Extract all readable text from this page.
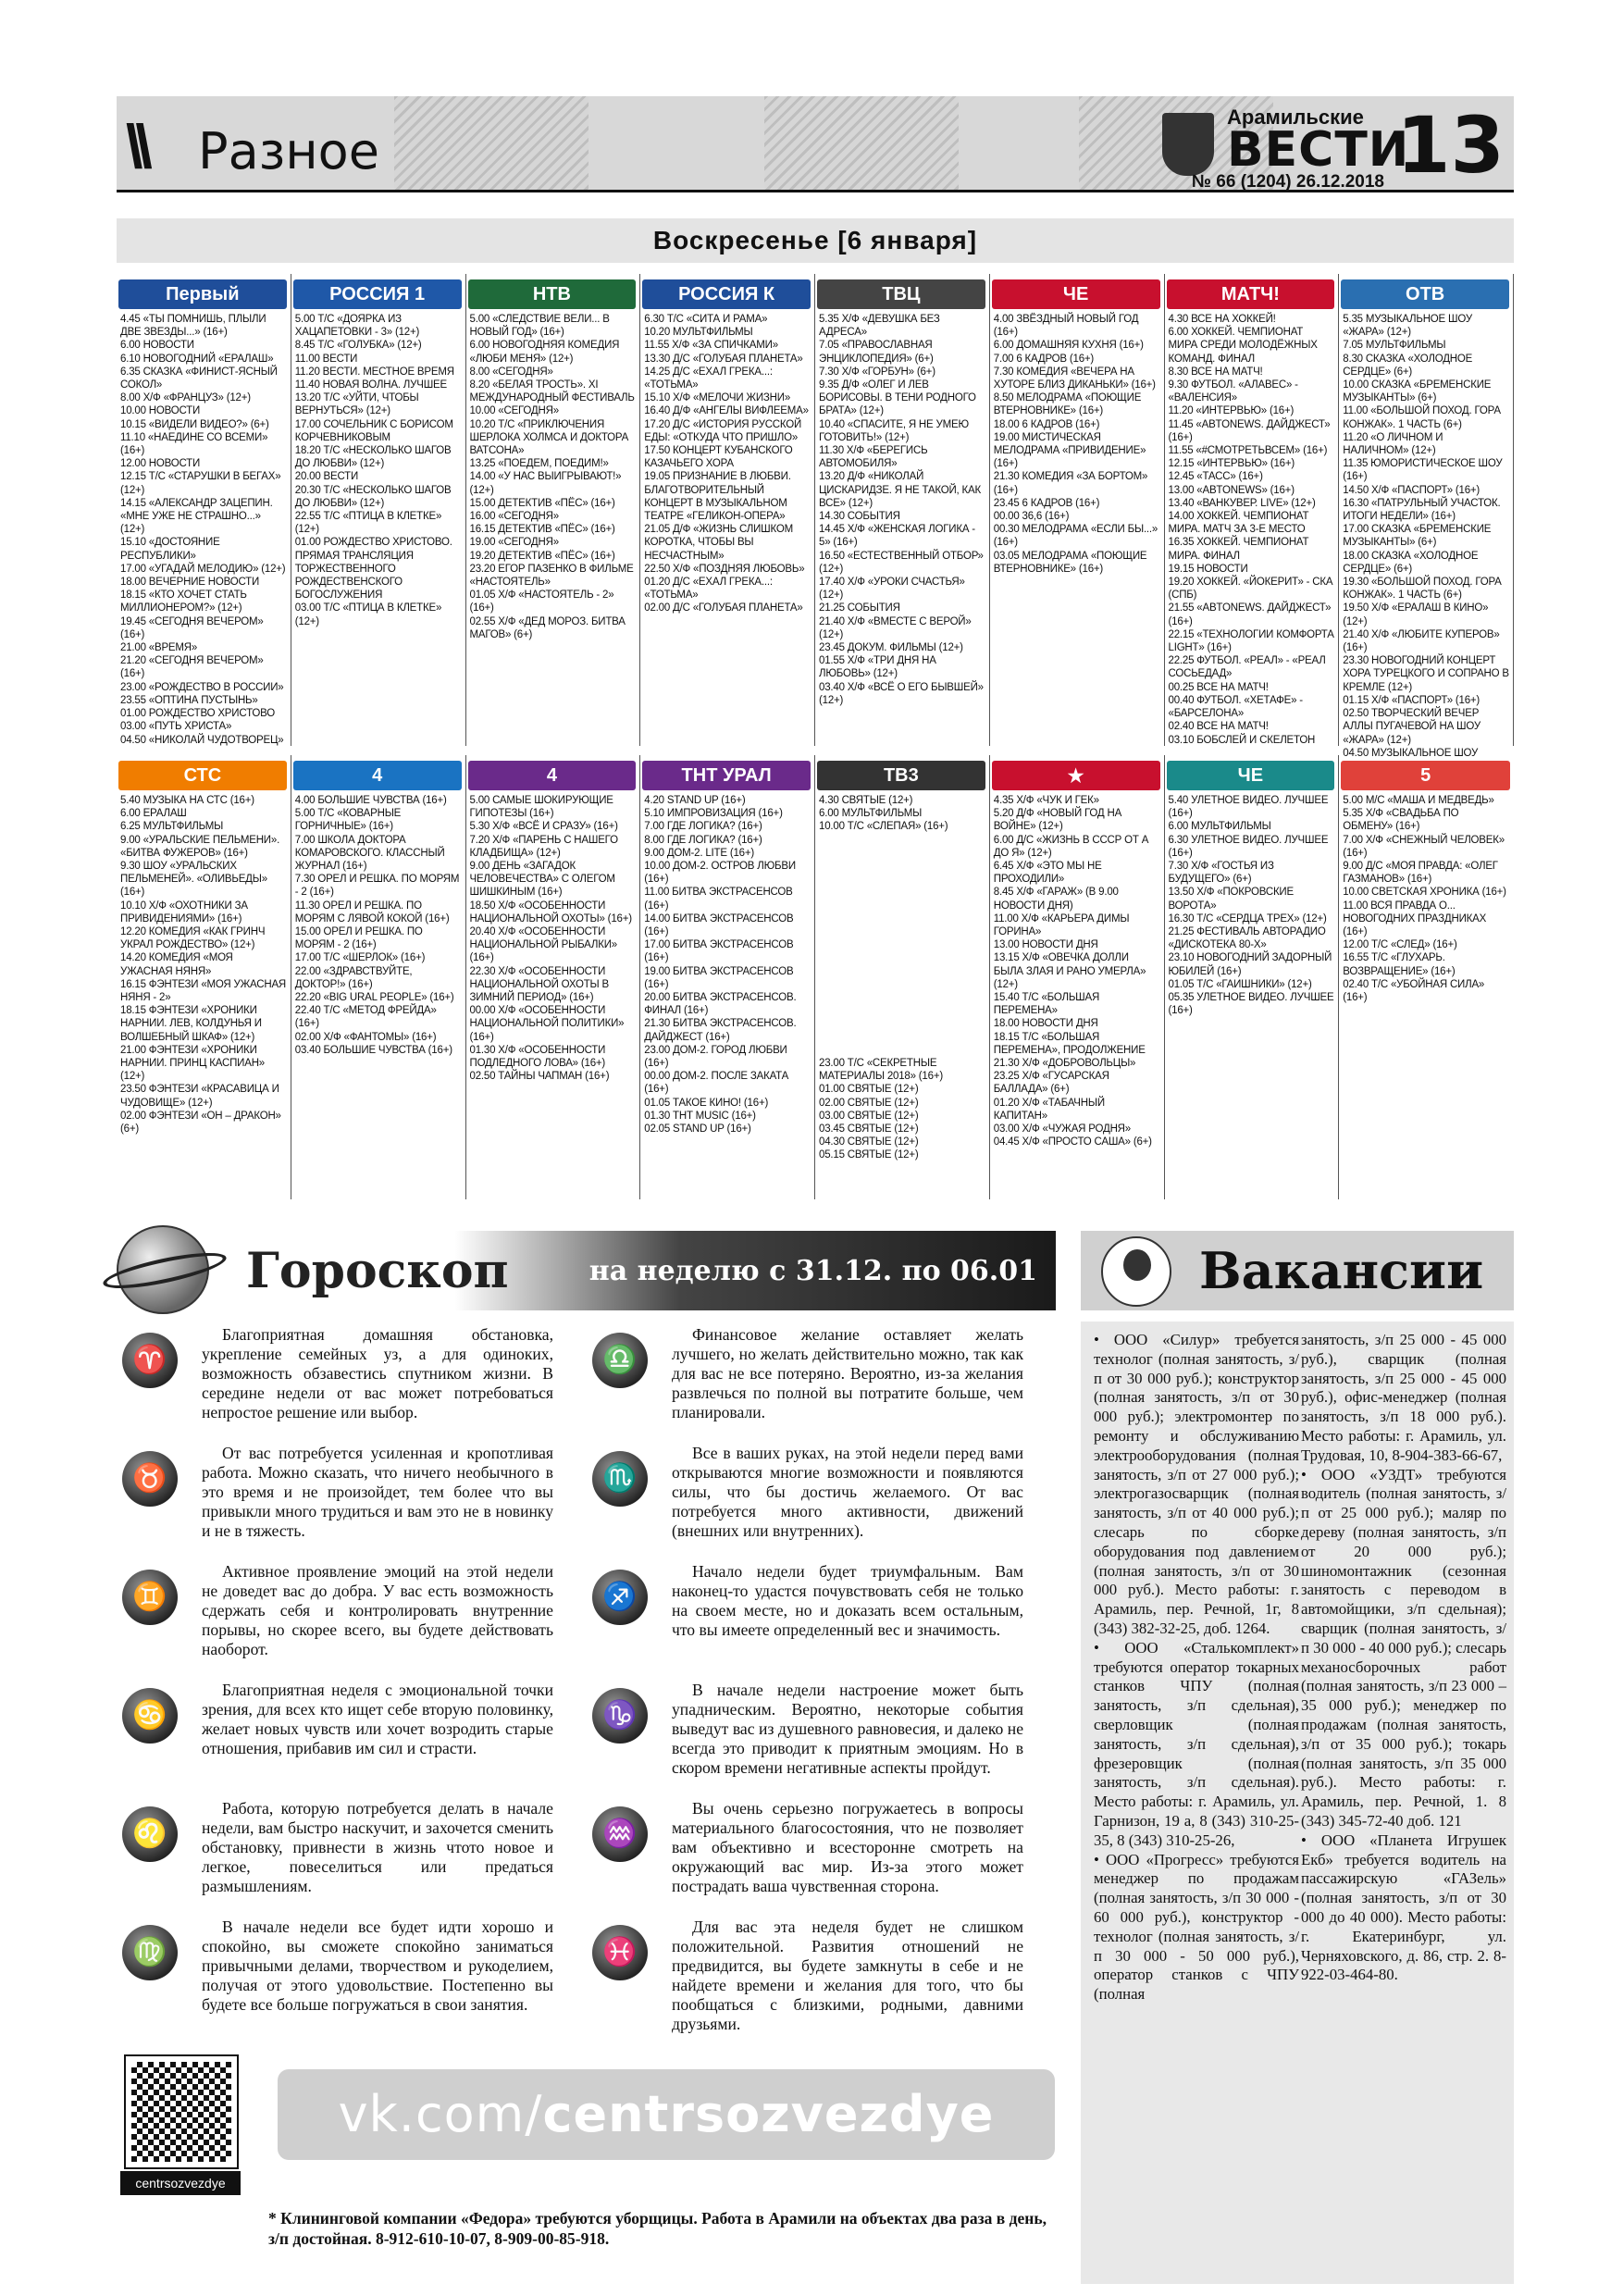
\\ Разное
Арамильские
ВЕСТИ
№ 66 (1204) 26.12.2018 13
Воскресенье [6 января]
Первый
4.45 «ТЫ ПОМНИШЬ, ПЛЫЛИ ДВЕ ЗВЕЗДЫ...» (16+)
6.00 НОВОСТИ
6.10 НОВОГОДНИЙ «ЕРАЛАШ»
6.35 СКАЗКА «ФИНИСТ-ЯСНЫЙ СОКОЛ»
8.00 Х/Ф «ФРАНЦУЗ» (12+)
10.00 НОВОСТИ
10.15 «ВИДЕЛИ ВИДЕО?» (6+)
11.10 «НАЕДИНЕ СО ВСЕМИ» (16+)
12.00 НОВОСТИ
12.15 Т/С «СТАРУШКИ В БЕГАХ» (12+)
14.15 «АЛЕКСАНДР ЗАЦЕПИН. «МНЕ УЖЕ НЕ СТРАШНО...» (12+)
15.10 «ДОСТОЯНИЕ РЕСПУБЛИКИ»
17.00 «УГАДАЙ МЕЛОДИЮ» (12+)
18.00 ВЕЧЕРНИЕ НОВОСТИ
18.15 «КТО ХОЧЕТ СТАТЬ МИЛЛИОНЕРОМ?» (12+)
19.45 «СЕГОДНЯ ВЕЧЕРОМ» (16+)
21.00 «ВРЕМЯ»
21.20 «СЕГОДНЯ ВЕЧЕРОМ» (16+)
23.00 «РОЖДЕСТВО В РОССИИ»
23.55 «ОПТИНА ПУСТЫНЬ»
01.00 РОЖДЕСТВО ХРИСТОВО
03.00 «ПУТЬ ХРИСТА»
04.50 «НИКОЛАЙ ЧУДОТВОРЕЦ»
РОССИЯ 1
5.00 Т/С «ДОЯРКА ИЗ ХАЦАПЕТОВКИ - 3» (12+)
8.45 Т/С «ГОЛУБКА» (12+)
11.00 ВЕСТИ
11.20 ВЕСТИ. МЕСТНОЕ ВРЕМЯ
11.40 НОВАЯ ВОЛНА. ЛУЧШЕЕ
13.20 Т/С «УЙТИ, ЧТОБЫ ВЕРНУТЬСЯ» (12+)
17.00 СОЧЕЛЬНИК С БОРИСОМ КОРЧЕВНИКОВЫМ
18.20 Т/С «НЕСКОЛЬКО ШАГОВ ДО ЛЮБВИ» (12+)
20.00 ВЕСТИ
20.30 Т/С «НЕСКОЛЬКО ШАГОВ ДО ЛЮБВИ» (12+)
22.55 Т/С «ПТИЦА В КЛЕТКЕ» (12+)
01.00 РОЖДЕСТВО ХРИСТОВО. ПРЯМАЯ ТРАНСЛЯЦИЯ ТОРЖЕСТВЕННОГО РОЖДЕСТВЕНСКОГО БОГОСЛУЖЕНИЯ
03.00 Т/С «ПТИЦА В КЛЕТКЕ» (12+)
НТВ
5.00 «СЛЕДСТВИЕ ВЕЛИ... В НОВЫЙ ГОД» (16+)
6.00 НОВОГОДНЯЯ КОМЕДИЯ «ЛЮБИ МЕНЯ» (12+)
8.00 «СЕГОДНЯ»
8.20 «БЕЛАЯ ТРОСТЬ». XI МЕЖДУНАРОДНЫЙ ФЕСТИВАЛЬ
10.00 «СЕГОДНЯ»
10.20 Т/С «ПРИКЛЮЧЕНИЯ ШЕРЛОКА ХОЛМСА И ДОКТОРА ВАТСОНА»
13.25 «ПОЕДЕМ, ПОЕДИМ!»
14.00 «У НАС ВЫИГРЫВАЮТ!» (12+)
15.00 ДЕТЕКТИВ «ПЁС» (16+)
16.00 «СЕГОДНЯ»
16.15 ДЕТЕКТИВ «ПЁС» (16+)
19.00 «СЕГОДНЯ»
19.20 ДЕТЕКТИВ «ПЁС» (16+)
23.20 ЕГОР ПАЗЕНКО В ФИЛЬМЕ «НАСТОЯТЕЛЬ»
01.05 Х/Ф «НАСТОЯТЕЛЬ - 2» (16+)
02.55 Х/Ф «ДЕД МОРОЗ. БИТВА МАГОВ» (6+)
РОССИЯ К
6.30 Т/С «СИТА И РАМА»
10.20 МУЛЬТФИЛЬМЫ
11.55 Х/Ф «ЗА СПИЧКАМИ»
13.30 Д/С «ГОЛУБАЯ ПЛАНЕТА»
14.25 Д/С «ЕХАЛ ГРЕКА...: «ТОТЬМА»
15.10 Х/Ф «МЕЛОЧИ ЖИЗНИ»
16.40 Д/Ф «АНГЕЛЫ ВИФЛЕЕМА»
17.20 Д/С «ИСТОРИЯ РУССКОЙ ЕДЫ: «ОТКУДА ЧТО ПРИШЛО»
17.50 КОНЦЕРТ КУБАНСКОГО КАЗАЧЬЕГО ХОРА
19.05 ПРИЗНАНИЕ В ЛЮБВИ. БЛАГОТВОРИТЕЛЬНЫЙ КОНЦЕРТ В МУЗЫКАЛЬНОМ ТЕАТРЕ «ГЕЛИКОН-ОПЕРА»
21.05 Д/Ф «ЖИЗНЬ СЛИШКОМ КОРОТКА, ЧТОБЫ ВЫ НЕСЧАСТНЫМ»
22.50 Х/Ф «ПОЗДНЯЯ ЛЮБОВЬ»
01.20 Д/С «ЕХАЛ ГРЕКА...: «ТОТЬМА»
02.00 Д/С «ГОЛУБАЯ ПЛАНЕТА»
ТВЦ
5.35 Х/Ф «ДЕВУШКА БЕЗ АДРЕСА»
7.05 «ПРАВОСЛАВНАЯ ЭНЦИКЛОПЕДИЯ» (6+)
7.30 Х/Ф «ГОРБУН» (6+)
9.35 Д/Ф «ОЛЕГ И ЛЕВ БОРИСОВЫ. В ТЕНИ РОДНОГО БРАТА» (12+)
10.40 «СПАСИТЕ, Я НЕ УМЕЮ ГОТОВИТЬ!» (12+)
11.30 Х/Ф «БЕРЕГИСЬ АВТОМОБИЛЯ»
13.20 Д/Ф «НИКОЛАЙ ЦИСКАРИДЗЕ. Я НЕ ТАКОЙ, КАК ВСЕ» (12+)
14.30 СОБЫТИЯ
14.45 Х/Ф «ЖЕНСКАЯ ЛОГИКА - 5» (16+)
16.50 «ЕСТЕСТВЕННЫЙ ОТБОР» (12+)
17.40 Х/Ф «УРОКИ СЧАСТЬЯ» (12+)
21.25 СОБЫТИЯ
21.40 Х/Ф «ВМЕСТЕ С ВЕРОЙ» (12+)
23.45 ДОКУМ. ФИЛЬМЫ (12+)
01.55 Х/Ф «ТРИ ДНЯ НА ЛЮБОВЬ» (12+)
03.40 Х/Ф «ВСЁ О ЕГО БЫВШЕЙ» (12+)
ЧЕ
4.00 ЗВЁЗДНЫЙ НОВЫЙ ГОД (16+)
6.00 ДОМАШНЯЯ КУХНЯ (16+)
7.00 6 КАДРОВ (16+)
7.30 КОМЕДИЯ «ВЕЧЕРА НА ХУТОРЕ БЛИЗ ДИКАНЬКИ» (16+)
8.50 МЕЛОДРАМА «ПОЮЩИЕ ВТЕРНОВНИКЕ» (16+)
18.00 6 КАДРОВ (16+)
19.00 МИСТИЧЕСКАЯ МЕЛОДРАМА «ПРИВИДЕНИЕ» (16+)
21.30 КОМЕДИЯ «ЗА БОРТОМ» (16+)
23.45 6 КАДРОВ (16+)
00.00 36,6 (16+)
00.30 МЕЛОДРАМА «ЕСЛИ БЫ...» (16+)
03.05 МЕЛОДРАМА «ПОЮЩИЕ ВТЕРНОВНИКЕ» (16+)
МАТЧ!
4.30 ВСЕ НА ХОККЕЙ!
6.00 ХОККЕЙ. ЧЕМПИОНАТ МИРА СРЕДИ МОЛОДЁЖНЫХ КОМАНД. ФИНАЛ
8.30 ВСЕ НА МАТЧ!
9.30 ФУТБОЛ. «АЛАВЕС» - «ВАЛЕНСИЯ»
11.20 «ИНТЕРВЬЮ» (16+)
11.45 «ABTONEWS. ДАЙДЖЕСТ» (16+)
11.55 «#СМОТРЕТЬВСЕМ» (16+)
12.15 «ИНТЕРВЬЮ» (16+)
12.45 «ТАСС» (16+)
13.00 «ABTONEWS» (16+)
13.40 «ВАНКУВЕР. LIVE» (12+)
14.00 ХОККЕЙ. ЧЕМПИОНАТ МИРА. МАТЧ ЗА 3-Е МЕСТО
16.35 ХОККЕЙ. ЧЕМПИОНАТ МИРА. ФИНАЛ
19.15 НОВОСТИ
19.20 ХОККЕЙ. «ЙОКЕРИТ» - СКА (СПБ)
21.55 «ABTONEWS. ДАЙДЖЕСТ» (16+)
22.15 «ТЕХНОЛОГИИ КОМФОРТА LIGHT» (16+)
22.25 ФУТБОЛ. «РЕАЛ» - «РЕАЛ СОСЬЕДАД»
00.25 ВСЕ НА МАТЧ!
00.40 ФУТБОЛ. «ХЕТАФЕ» - «БАРСЕЛОНА»
02.40 ВСЕ НА МАТЧ!
03.10 БОБСЛЕЙ И СКЕЛЕТОН
ОТВ
5.35 МУЗЫКАЛЬНОЕ ШОУ «ЖАРА» (12+)
7.05 МУЛЬТФИЛЬМЫ
8.30 СКАЗКА «ХОЛОДНОЕ СЕРДЦЕ» (6+)
10.00 СКАЗКА «БРЕМЕНСКИЕ МУЗЫКАНТЫ» (6+)
11.00 «БОЛЬШОЙ ПОХОД. ГОРА КОНЖАК». 1 ЧАСТЬ (6+)
11.20 «О ЛИЧНОМ И НАЛИЧНОМ» (12+)
11.35 ЮМОРИСТИЧЕСКОЕ ШОУ (16+)
14.50 Х/Ф «ПАСПОРТ» (16+)
16.30 «ПАТРУЛЬНЫЙ УЧАСТОК. ИТОГИ НЕДЕЛИ» (16+)
17.00 СКАЗКА «БРЕМЕНСКИЕ МУЗЫКАНТЫ» (6+)
18.00 СКАЗКА «ХОЛОДНОЕ СЕРДЦЕ» (6+)
19.30 «БОЛЬШОЙ ПОХОД. ГОРА КОНЖАК». 1 ЧАСТЬ (6+)
19.50 Х/Ф «ЕРАЛАШ В КИНО» (12+)
21.40 Х/Ф «ЛЮБИТЕ КУПЕРОВ» (16+)
23.30 НОВОГОДНИЙ КОНЦЕРТ ХОРА ТУРЕЦКОГО И СОПРАНО В КРЕМЛЕ (12+)
01.15 Х/Ф «ПАСПОРТ» (16+)
02.50 ТВОРЧЕСКИЙ ВЕЧЕР АЛЛЫ ПУГАЧЕВОЙ НА ШОУ «ЖАРА» (12+)
04.50 МУЗЫКАЛЬНОЕ ШОУ
СТС
5.40 МУЗЫКА НА СТС (16+)
6.00 ЕРАЛАШ
6.25 МУЛЬТФИЛЬМЫ
9.00 «УРАЛЬСКИЕ ПЕЛЬМЕНИ». «БИТВА ФУЖЕРОВ» (16+)
9.30 ШОУ «УРАЛЬСКИХ ПЕЛЬМЕНЕЙ». «ОЛИВЬЕДЫ» (16+)
10.10 Х/Ф «ОХОТНИКИ ЗА ПРИВИДЕНИЯМИ» (16+)
12.20 КОМЕДИЯ «КАК ГРИНЧ УКРАЛ РОЖДЕСТВО» (12+)
14.20 КОМЕДИЯ «МОЯ УЖАСНАЯ НЯНЯ»
16.15 ФЭНТЕЗИ «МОЯ УЖАСНАЯ НЯНЯ - 2»
18.15 ФЭНТЕЗИ «ХРОНИКИ НАРНИИ. ЛЕВ, КОЛДУНЬЯ И ВОЛШЕБНЫЙ ШКАФ» (12+)
21.00 ФЭНТЕЗИ «ХРОНИКИ НАРНИИ. ПРИНЦ КАСПИАН» (12+)
23.50 ФЭНТЕЗИ «КРАСАВИЦА И ЧУДОВИЩЕ» (12+)
02.00 ФЭНТЕЗИ «ОН – ДРАКОН» (6+)
4
4.00 БОЛЬШИЕ ЧУВСТВА (16+)
5.00 Т/С «КОВАРНЫЕ ГОРНИЧНЫЕ» (16+)
7.00 ШКОЛА ДОКТОРА КОМАРОВСКОГО. КЛАССНЫЙ ЖУРНАЛ (16+)
7.30 ОРЕЛ И РЕШКА. ПО МОРЯМ - 2 (16+)
11.30 ОРЕЛ И РЕШКА. ПО МОРЯМ С ЛЯВОЙ КОКОЙ (16+)
15.00 ОРЕЛ И РЕШКА. ПО МОРЯМ - 2 (16+)
17.00 Т/С «ШЕРЛОК» (16+)
22.00 «ЗДРАВСТВУЙТЕ, ДОКТОР!» (16+)
22.20 «BIG URAL PEOPLE» (16+)
22.40 Т/С «МЕТОД ФРЕЙДА» (16+)
02.00 Х/Ф «ФАНТОМЫ» (16+)
03.40 БОЛЬШИЕ ЧУВСТВА (16+)
4
5.00 САМЫЕ ШОКИРУЮЩИЕ ГИПОТЕЗЫ (16+)
5.30 Х/Ф «ВСЁ И СРАЗУ» (16+)
7.20 Х/Ф «ПАРЕНЬ С НАШЕГО КЛАДБИЩА» (12+)
9.00 ДЕНЬ «ЗАГАДОК ЧЕЛОВЕЧЕСТВА» С ОЛЕГОМ ШИШКИНЫМ (16+)
18.50 Х/Ф «ОСОБЕННОСТИ НАЦИОНАЛЬНОЙ ОХОТЫ» (16+)
20.40 Х/Ф «ОСОБЕННОСТИ НАЦИОНАЛЬНОЙ РЫБАЛКИ» (16+)
22.30 Х/Ф «ОСОБЕННОСТИ НАЦИОНАЛЬНОЙ ОХОТЫ В ЗИМНИЙ ПЕРИОД» (16+)
00.00 Х/Ф «ОСОБЕННОСТИ НАЦИОНАЛЬНОЙ ПОЛИТИКИ» (16+)
01.30 Х/Ф «ОСОБЕННОСТИ ПОДЛЕДНОГО ЛОВА» (16+)
02.50 ТАЙНЫ ЧАПМАН (16+)
ТНТ УРАЛ
4.20 STAND UP (16+)
5.10 ИМПРОВИЗАЦИЯ (16+)
7.00 ГДЕ ЛОГИКА? (16+)
8.00 ГДЕ ЛОГИКА? (16+)
9.00 ДОМ-2. LITE (16+)
10.00 ДОМ-2. ОСТРОВ ЛЮБВИ (16+)
11.00 БИТВА ЭКСТРАСЕНСОВ (16+)
14.00 БИТВА ЭКСТРАСЕНСОВ (16+)
17.00 БИТВА ЭКСТРАСЕНСОВ (16+)
19.00 БИТВА ЭКСТРАСЕНСОВ (16+)
20.00 БИТВА ЭКСТРАСЕНСОВ. ФИНАЛ (16+)
21.30 БИТВА ЭКСТРАСЕНСОВ. ДАЙДЖЕСТ (16+)
23.00 ДОМ-2. ГОРОД ЛЮБВИ (16+)
00.00 ДОМ-2. ПОСЛЕ ЗАКАТА (16+)
01.05 ТАКОЕ КИНО! (16+)
01.30 THT MUSIC (16+)
02.05 STAND UP (16+)
ТВ3
4.30 СВЯТЫЕ (12+)
6.00 МУЛЬТФИЛЬМЫ
10.00 Т/С «СЛЕПАЯ» (16+)

23.00 Т/С «СЕКРЕТНЫЕ МАТЕРИАЛЫ 2018» (16+)
01.00 СВЯТЫЕ (12+)
02.00 СВЯТЫЕ (12+)
03.00 СВЯТЫЕ (12+)
03.45 СВЯТЫЕ (12+)
04.30 СВЯТЫЕ (12+)
05.15 СВЯТЫЕ (12+)
★
4.35 Х/Ф «ЧУК И ГЕК»
5.20 Д/Ф «НОВЫЙ ГОД НА ВОЙНЕ» (12+)
6.00 Д/С «ЖИЗНЬ В СССР ОТ А ДО Я» (12+)
6.45 Х/Ф «ЭТО МЫ НЕ ПРОХОДИЛИ»
8.45 Х/Ф «ГАРАЖ» (В 9.00 НОВОСТИ ДНЯ)
11.00 Х/Ф «КАРЬЕРА ДИМЫ ГОРИНА»
13.00 НОВОСТИ ДНЯ
13.15 Х/Ф «ОВЕЧКА ДОЛЛИ БЫЛА ЗЛАЯ И РАНО УМЕРЛА» (12+)
15.40 Т/С «БОЛЬШАЯ ПЕРЕМЕНА»
18.00 НОВОСТИ ДНЯ
18.15 Т/С «БОЛЬШАЯ ПЕРЕМЕНА», ПРОДОЛЖЕНИЕ
21.30 Х/Ф «ДОБРОВОЛЬЦЫ»
23.25 Х/Ф «ГУСАРСКАЯ БАЛЛАДА» (6+)
01.20 Х/Ф «ТАБАЧНЫЙ КАПИТАН»
03.00 Х/Ф «ЧУЖАЯ РОДНЯ»
04.45 Х/Ф «ПРОСТО САША» (6+)
ЧЕ
5.40 УЛЕТНОЕ ВИДЕО. ЛУЧШЕЕ (16+)
6.00 МУЛЬТФИЛЬМЫ
6.30 УЛЕТНОЕ ВИДЕО. ЛУЧШЕЕ (16+)
7.30 Х/Ф «ГОСТЬЯ ИЗ БУДУЩЕГО» (6+)
13.50 Х/Ф «ПОКРОВСКИЕ ВОРОТА»
16.30 Т/С «СЕРДЦА ТРЕХ» (12+)
21.25 ФЕСТИВАЛЬ АВТОРАДИО «ДИСКОТЕКА 80-Х»
23.10 НОВОГОДНИЙ ЗАДОРНЫЙ ЮБИЛЕЙ (16+)
01.05 Т/С «ГАИШНИКИ» (12+)
05.35 УЛЕТНОЕ ВИДЕО. ЛУЧШЕЕ (16+)
5
5.00 М/С «МАША И МЕДВЕДЬ»
5.35 Х/Ф «СВАДЬБА ПО ОБМЕНУ» (16+)
7.00 Х/Ф «СНЕЖНЫЙ ЧЕЛОВЕК» (16+)
9.00 Д/С «МОЯ ПРАВДА: «ОЛЕГ ГАЗМАНОВ» (16+)
10.00 СВЕТСКАЯ ХРОНИКА (16+)
11.00 ВСЯ ПРАВДА О... НОВОГОДНИХ ПРАЗДНИКАХ (16+)
12.00 Т/С «СЛЕД» (16+)
16.55 Т/С «ГЛУХАРЬ. ВОЗВРАЩЕНИЕ» (16+)
02.40 Т/С «УБОЙНАЯ СИЛА» (16+)
Гороскоп	на неделю с 31.12. по 06.01
♈
Благоприятная домашняя обстановка, укрепление семейных уз, а для одиноких, возможность обзавестись спутником жизни. В середине недели от вас может потребоваться непростое решение или выбор.
♎
Финансовое желание оставляет желать лучшего, но желать действительно можно, так как для вас не все потеряно. Вероятно, из-за желания развлечься по полной вы потратите больше, чем планировали.
♉
От вас потребуется усиленная и кропотливая работа. Можно сказать, что ничего необычного в это время и не произойдет, тем более что вы привыкли много трудиться и вам это не в новинку и не в тяжесть.
♏
Все в ваших руках, на этой недели перед вами открываются многие возможности и появляются силы, что бы достичь желаемого. От вас потребуется много активности, движений (внешних или внутренних).
♊
Активное проявление эмоций на этой недели не доведет вас до добра. У вас есть возможность сдержать себя и контролировать внутренние порывы, но скорее всего, вы будете действовать наоборот.
♐
Начало недели будет триумфальным. Вам наконец-то удастся почувствовать себя не только на своем месте, но и доказать всем остальным, что вы имеете определенный вес и значимость.
♋
Благоприятная неделя с эмоциональной точки зрения, для всех кто ищет себе вторую половинку, желает новых чувств или хочет возродить старые отношения, прибавив им сил и страсти.
♑
В начале недели настроение может быть упадническим. Вероятно, некоторые события выведут вас из душевного равновесия, и далеко не всегда это приводит к приятным эмоциям. Но в скором времени негативные аспекты пройдут.
♌
Работа, которую потребуется делать в начале недели, вам быстро наскучит, и захочется сменить обстановку, привнести в жизнь чтото новое и легкое, повеселиться или предаться размышлениям.
♒
Вы очень серьезно погружаетесь в вопросы материального благосостояния, что не позволяет вам объективно и всесторонне смотреть на окружающий вас мир. Из-за этого может пострадать ваша чувственная сторона.
♍
В начале недели все будет идти хорошо и спокойно, вы сможете спокойно заниматься привычными делами, творчеством и рукоделием, получая от этого удовольствие. Постепенно вы будете все больше погружаться в свои занятия.
♓
Для вас эта неделя будет не слишком положительной. Развития отношений не предвидится, вы будете замкнуты в себе и не найдете времени и желания для того, что бы пообщаться с близкими, родными, давними друзьями.
Вакансии
• ООО «Силур» требуется технолог (полная занятость, з/п от 30 000 руб.); конструктор (полная занятость, з/п от 30 000 руб.); электромонтер по ремонту и обслуживанию электрооборудования (полная занятость, з/п от 27 000 руб.); электрогазосварщик (полная занятость, з/п от 40 000 руб.); слесарь по сборке оборудования под давлением (полная занятость, з/п от 30 000 руб.). Место работы: г. Арамиль, пер. Речной, 1г, 8 (343) 382-32-25, доб. 1264.
• ООО «Сталькомплект» требуются оператор токарных станков ЧПУ (полная занятость, з/п сдельная), сверловщик (полная занятость, з/п сдельная), фрезеровщик (полная занятость, з/п сдельная). Место работы: г. Арамиль, ул. Гарнизон, 19 а, 8 (343) 310-25-35, 8 (343) 310-25-26,
• ООО «Прогресс» требуются менеджер по продажам (полная занятость, з/п 30 000 - 60 000 руб.), конструктор - технолог (полная занятость, з/п 30 000 - 50 000 руб.), оператор станков с ЧПУ (полная
занятость, з/п 25 000 - 45 000 руб.), сварщик (полная занятость, з/п 25 000 - 45 000 руб.), офис-менеджер (полная занятость, з/п 18 000 руб.). Место работы: г. Арамиль, ул. Трудовая, 10, 8-904-383-66-67,
• ООО «УЗДТ» требуются водитель (полная занятость, з/п от 25 000 руб.); маляр по дереву (полная занятость, з/п от 20 000 руб.); шиномонтажник (сезонная занятость с переводом в автомойщики, з/п сдельная); сварщик (полная занятость, з/п 30 000 - 40 000 руб.); слесарь механосборочных работ (полная занятость, з/п 23 000 – 35 000 руб.); менеджер по продажам (полная занятость, з/п от 35 000 руб.); токарь (полная занятость, з/п 35 000 руб.). Место работы: г. Арамиль, пер. Речной, 1. 8 (343) 345-72-40 доб. 121
• ООО «Планета Игрушек Екб» требуется водитель на пассажирскую «ГАЗель» (полная занятость, з/п от 30 000 до 40 000). Место работы: г. Екатеринбург, ул. Черняховского, д. 86, стр. 2. 8-922-03-464-80.
centrsozvezdye
vk.com/centrsozvezdye
* Клининговой компании «Федора» требуются уборщицы. Работа в Арамили на объектах два раза в день, з/п достойная. 8-912-610-10-07, 8-909-00-85-918.
